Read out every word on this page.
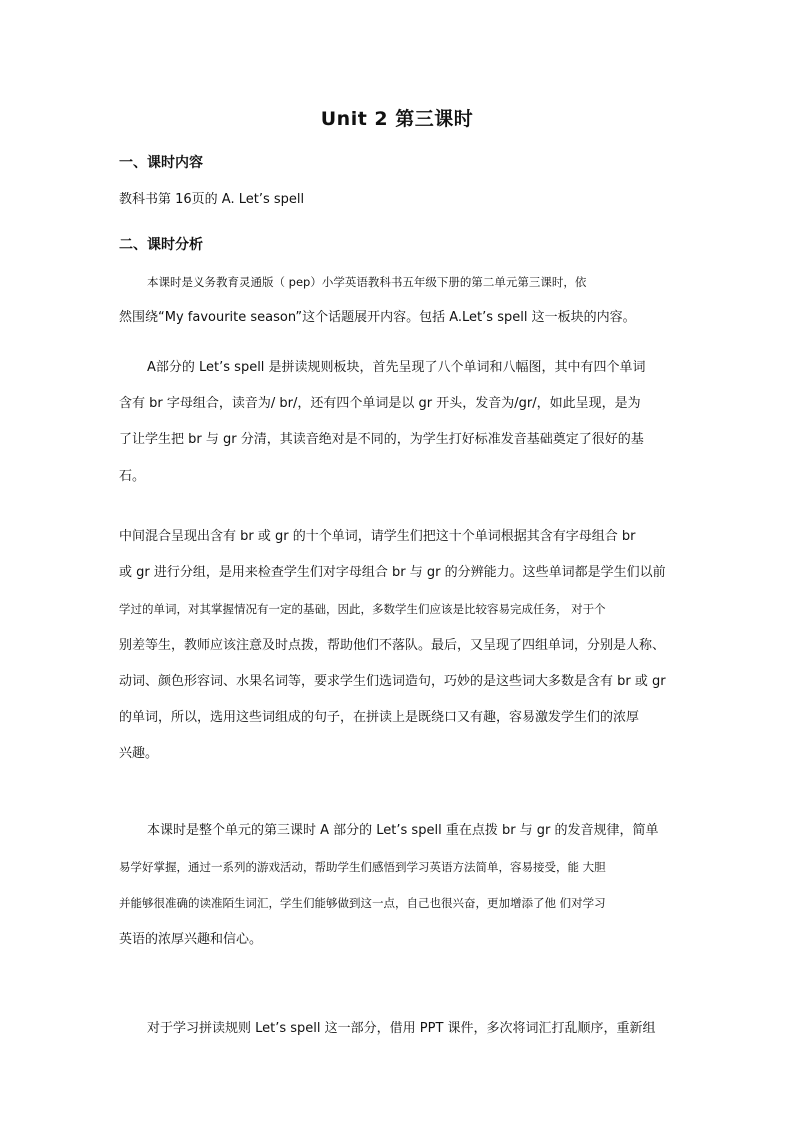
Unit 2 第三课时
一、课时内容

教科书第 16页的 A. Let’s spell

二、课时分析

本课时是义务教育灵通版（ pep）小学英语教科书五年级下册的第二单元第三课时，依
然围绕“My favourite season”这个话题展开内容。包括 A.Let’s spell 这一板块的内容。

A部分的 Let’s spell 是拼读规则板块，首先呈现了八个单词和八幅图，其中有四个单词
含有 br 字母组合，读音为/ br/，还有四个单词是以 gr 开头，发音为/gr/，如此呈现，是为
了让学生把 br 与 gr 分清，其读音绝对是不同的，为学生打好标准发音基础奠定了很好的基
石。

中间混合呈现出含有 br 或 gr 的十个单词，请学生们把这十个单词根据其含有字母组合 br
或 gr 进行分组，是用来检查学生们对字母组合 br 与 gr 的分辨能力。这些单词都是学生们以前
学过的单词，对其掌握情况有一定的基础，因此，多数学生们应该是比较容易完成任务， 对于个
别差等生，教师应该注意及时点拨，帮助他们不落队。最后，又呈现了四组单词，分别是人称、
动词、颜色形容词、水果名词等，要求学生们选词造句，巧妙的是这些词大多数是含有 br 或 gr
的单词，所以，选用这些词组成的句子，在拼读上是既绕口又有趣，容易激发学生们的浓厚
兴趣。

本课时是整个单元的第三课时 A 部分的 Let’s spell 重在点拨 br 与 gr 的发音规律，简单
易学好掌握，通过一系列的游戏活动，帮助学生们感悟到学习英语方法简单，容易接受，能 大胆
并能够很准确的读准陌生词汇，学生们能够做到这一点，自己也很兴奋，更加增添了他 们对学习
英语的浓厚兴趣和信心。

对于学习拼读规则 Let’s spell 这一部分，借用 PPT 课件，多次将词汇打乱顺序，重新组
